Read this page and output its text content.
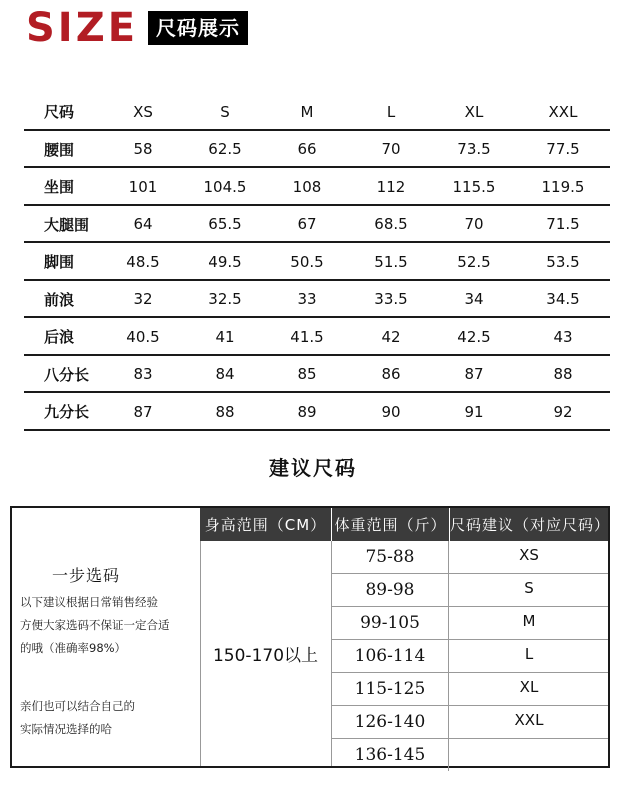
SIZE 尺码展示
尺码	XS	S	M	L	XL	XXL
腰围	58	62.5	66	70	73.5	77.5
坐围	101	104.5	108	112	115.5	119.5
大腿围	64	65.5	67	68.5	70	71.5
脚围	48.5	49.5	50.5	51.5	52.5	53.5
前浪	32	32.5	33	33.5	34	34.5
后浪	40.5	41	41.5	42	42.5	43
八分长	83	84	85	86	87	88
九分长	87	88	89	90	91	92
建议尺码
一步选码
以下建议根据日常销售经验
方便大家选码不保证一定合适
的哦（准确率98%）
亲们也可以结合自己的
实际情况选择的哈
身高范围（CM） 体重范围（斤） 尺码建议（对应尺码）
150-170以上
75-88	XS
89-98	S
99-105	M
106-114	L
115-125	XL
126-140	XXL
136-145
